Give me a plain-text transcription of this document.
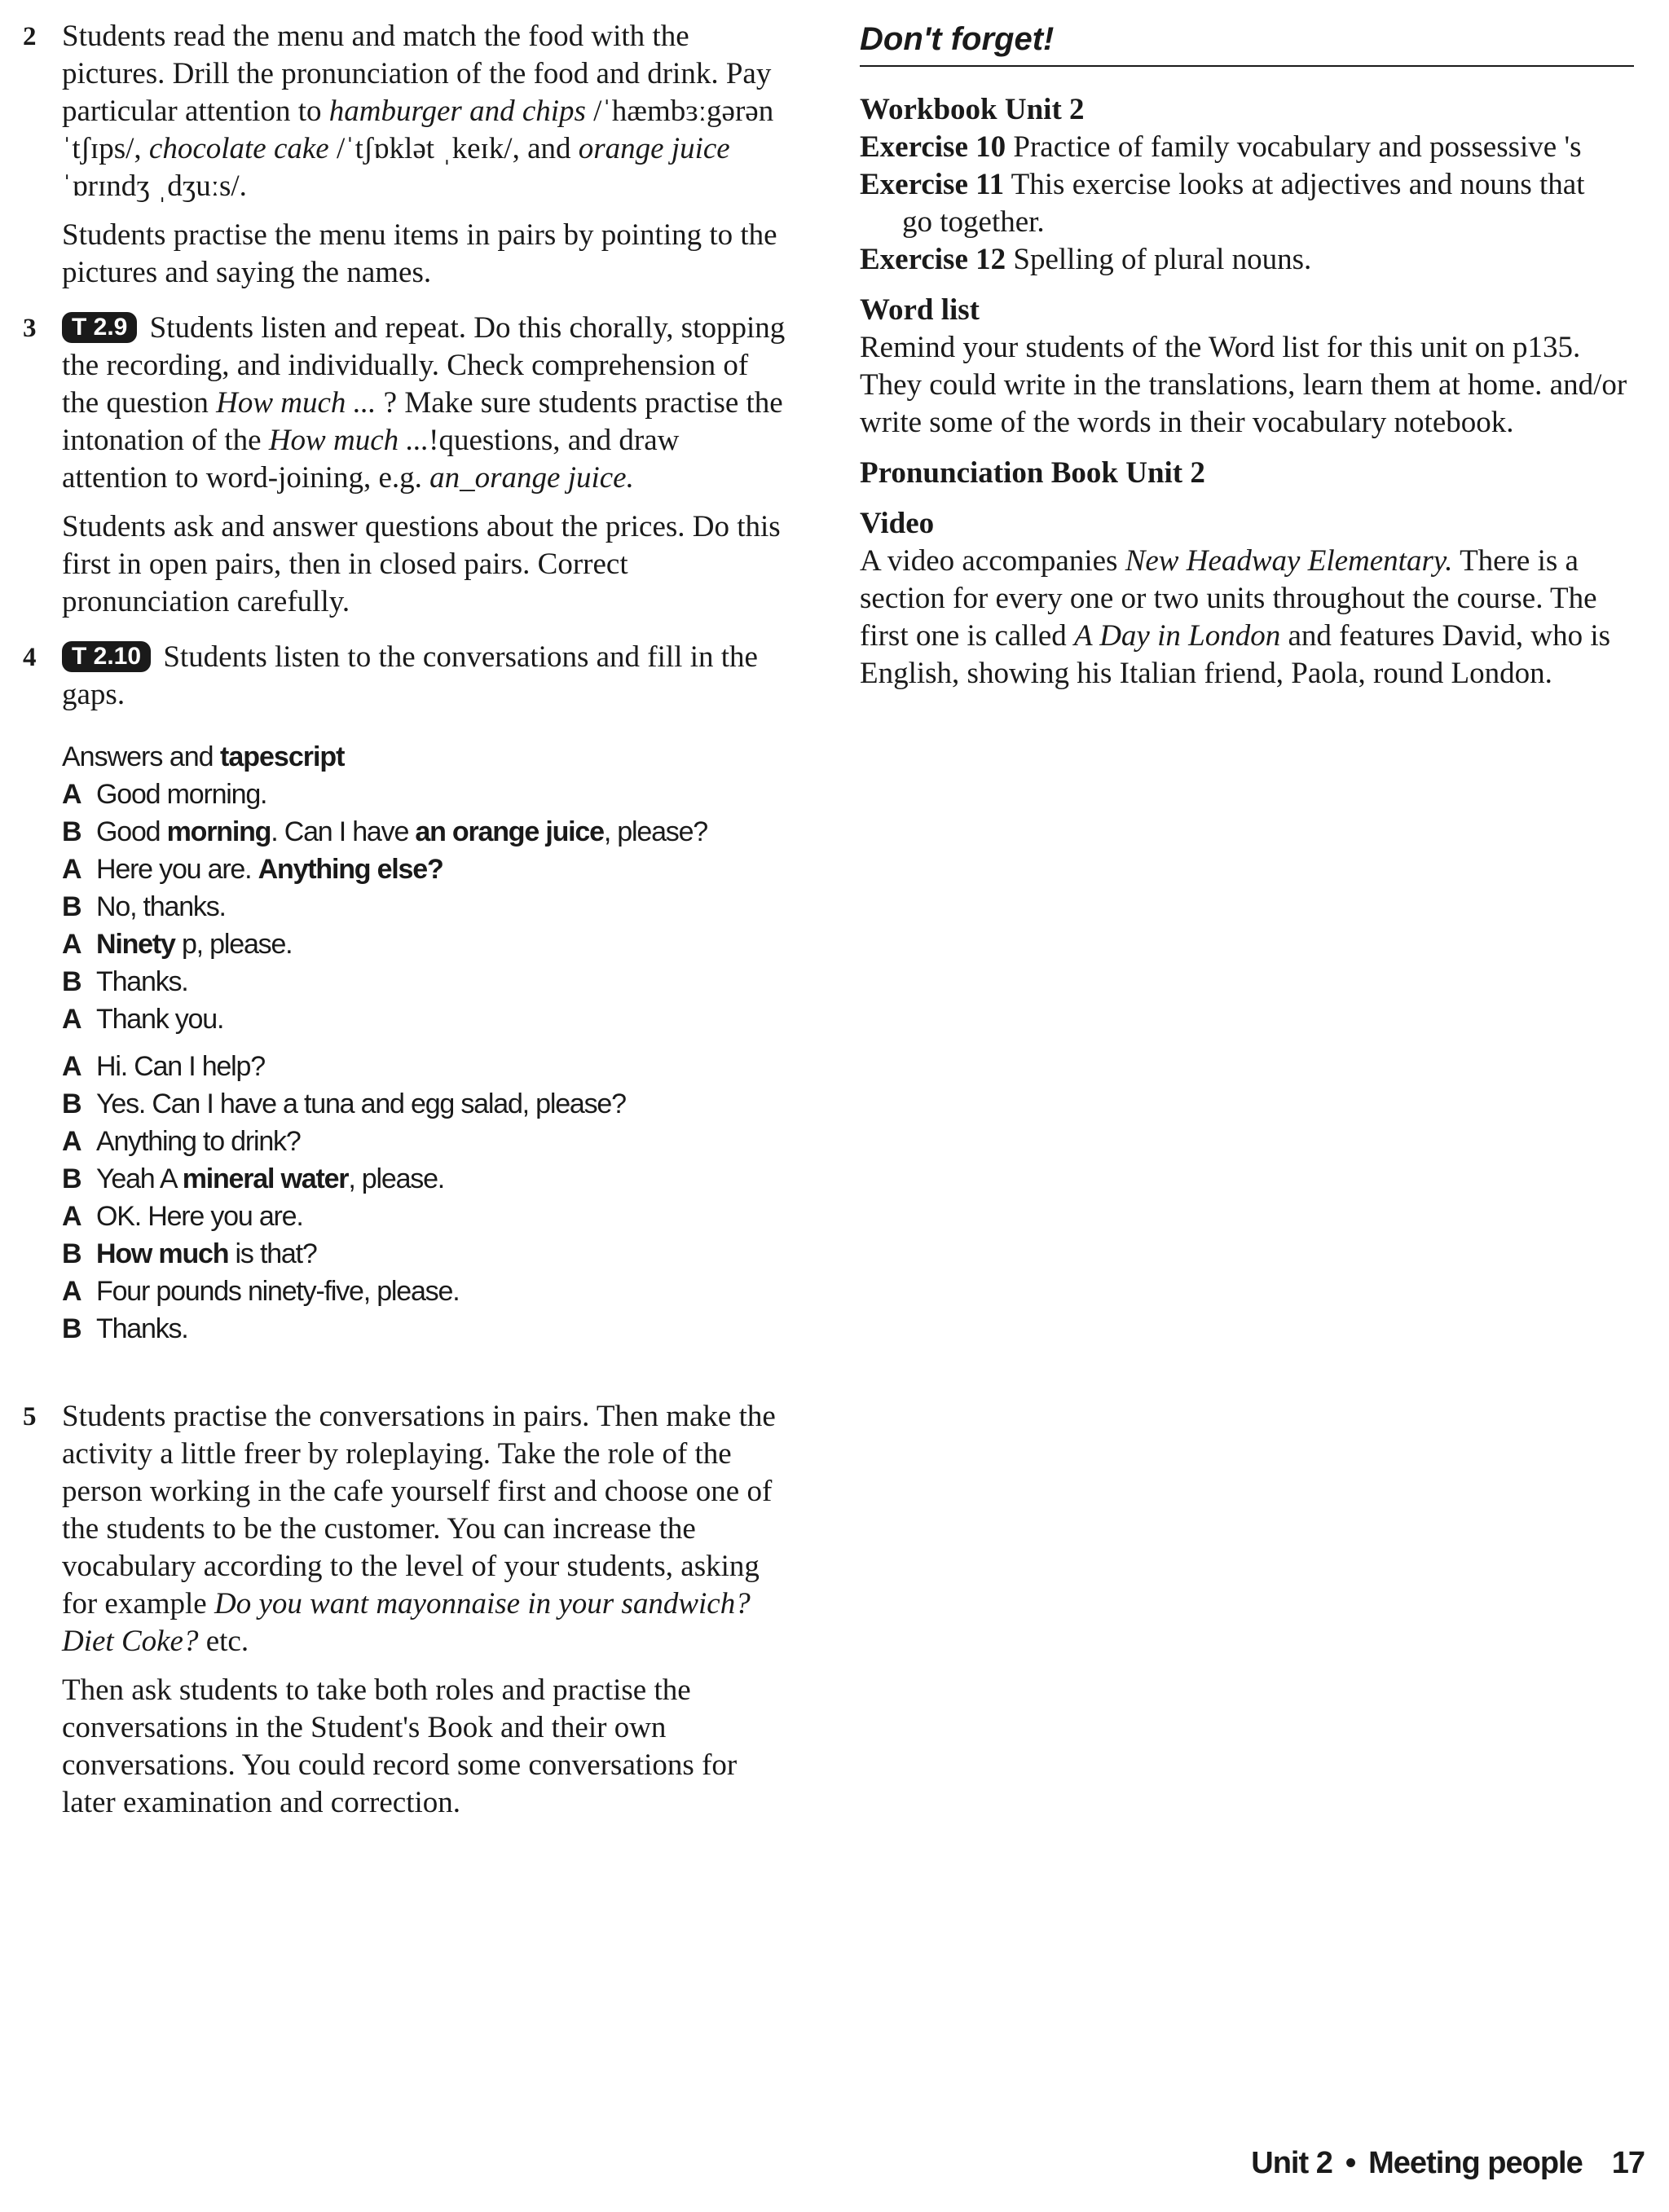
2 Students read the menu and match the food with the pictures. Drill the pronunciation of the food and drink. Pay particular attention to hamburger and chips /ˈhæmbɜːgərən ˈtʃɪps/, chocolate cake /ˈtʃɒklət ˌkeɪk/, and orange juice ˈɒrɪndʒ ˌdʒuːs/.

Students practise the menu items in pairs by pointing to the pictures and saying the names.

3	T 2.9 Students listen and repeat. Do this chorally, stopping the recording, and individually. Check comprehension of the question How much ... ? Make sure students practise the intonation of the How much ...!questions, and draw attention to word-joining, e.g. an_orange juice.

Students ask and answer questions about the prices. Do this first in open pairs, then in closed pairs. Correct pronunciation carefully.

4	T 2.10 Students listen to the conversations and fill in the gaps.

Answers and tapescript
A Good morning.
B Good morning. Can I have an orange juice, please?
A Here you are. Anything else?
B No, thanks.
A Ninety p, please.
B Thanks.
A Thank you.
A Hi. Can I help?
B Yes. Can I have a tuna and egg salad, please?
A Anything to drink?
B Yeah A mineral water, please.
A OK. Here you are.
B How much is that?
A Four pounds ninety-five, please.
B Thanks.
5 Students practise the conversations in pairs. Then make the activity a little freer by roleplaying. Take the role of the person working in the cafe yourself first and choose one of the students to be the customer. You can increase the vocabulary according to the level of your students, asking for example Do you want mayonnaise in your sandwich? Diet Coke? etc.

Then ask students to take both roles and practise the conversations in the Student's Book and their own conversations. You could record some conversations for later examination and correction.

Don't forget!
Workbook Unit 2
Exercise 10 Practice of family vocabulary and possessive 's
Exercise 11 This exercise looks at adjectives and nouns that
go together.
Exercise 12 Spelling of plural nouns.
Word list
Remind your students of the Word list for this unit on p135. They could write in the translations, learn them at home. and/or write some of the words in their vocabulary notebook.
Pronunciation Book Unit 2
Video
A video accompanies New Headway Elementary. There is a section for every one or two units throughout the course. The first one is called A Day in London and features David, who is English, showing his Italian friend, Paola, round London.
Unit 2 • Meeting people 17
